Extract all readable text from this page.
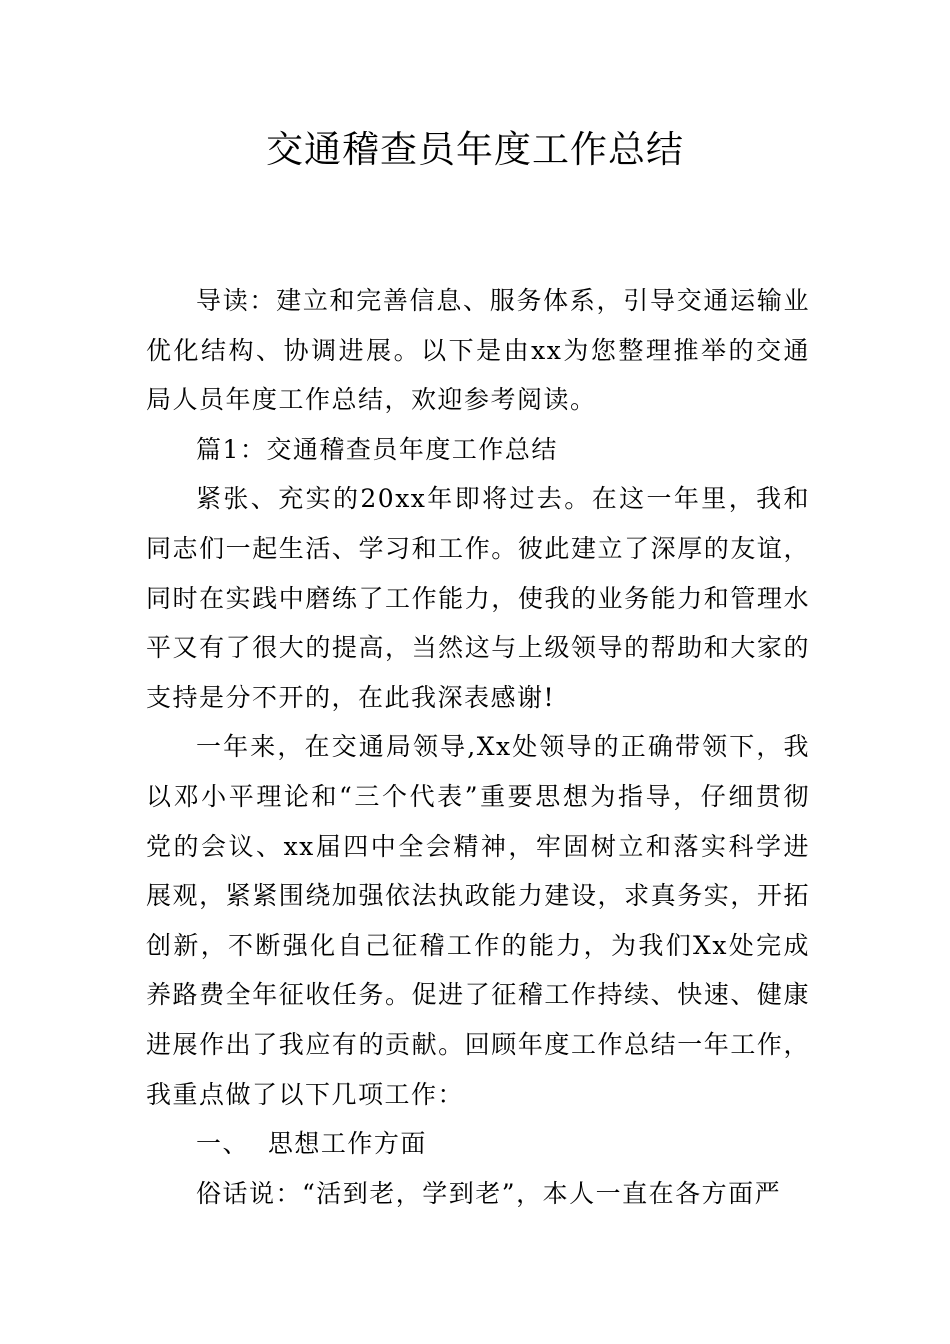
交通稽查员年度工作总结

导读：建立和完善信息、服务体系，引导交通运输业优化结构、协调进展。以下是由xx为您整理推举的交通局人员年度工作总结，欢迎参考阅读。

篇1：交通稽查员年度工作总结

紧张、充实的20xx年即将过去。在这一年里，我和同志们一起生活、学习和工作。彼此建立了深厚的友谊，同时在实践中磨练了工作能力，使我的业务能力和管理水平又有了很大的提高，当然这与上级领导的帮助和大家的支持是分不开的，在此我深表感谢!

一年来，在交通局领导,Xx处领导的正确带领下，我以邓小平理论和“三个代表”重要思想为指导，仔细贯彻党的会议、xx届四中全会精神，牢固树立和落实科学进展观，紧紧围绕加强依法执政能力建设，求真务实，开拓创新，不断强化自己征稽工作的能力，为我们Xx处完成养路费全年征收任务。促进了征稽工作持续、快速、健康进展作出了我应有的贡献。回顾年度工作总结一年工作，我重点做了以下几项工作：

一、  思想工作方面

俗话说：“活到老，学到老”，本人一直在各方面严
